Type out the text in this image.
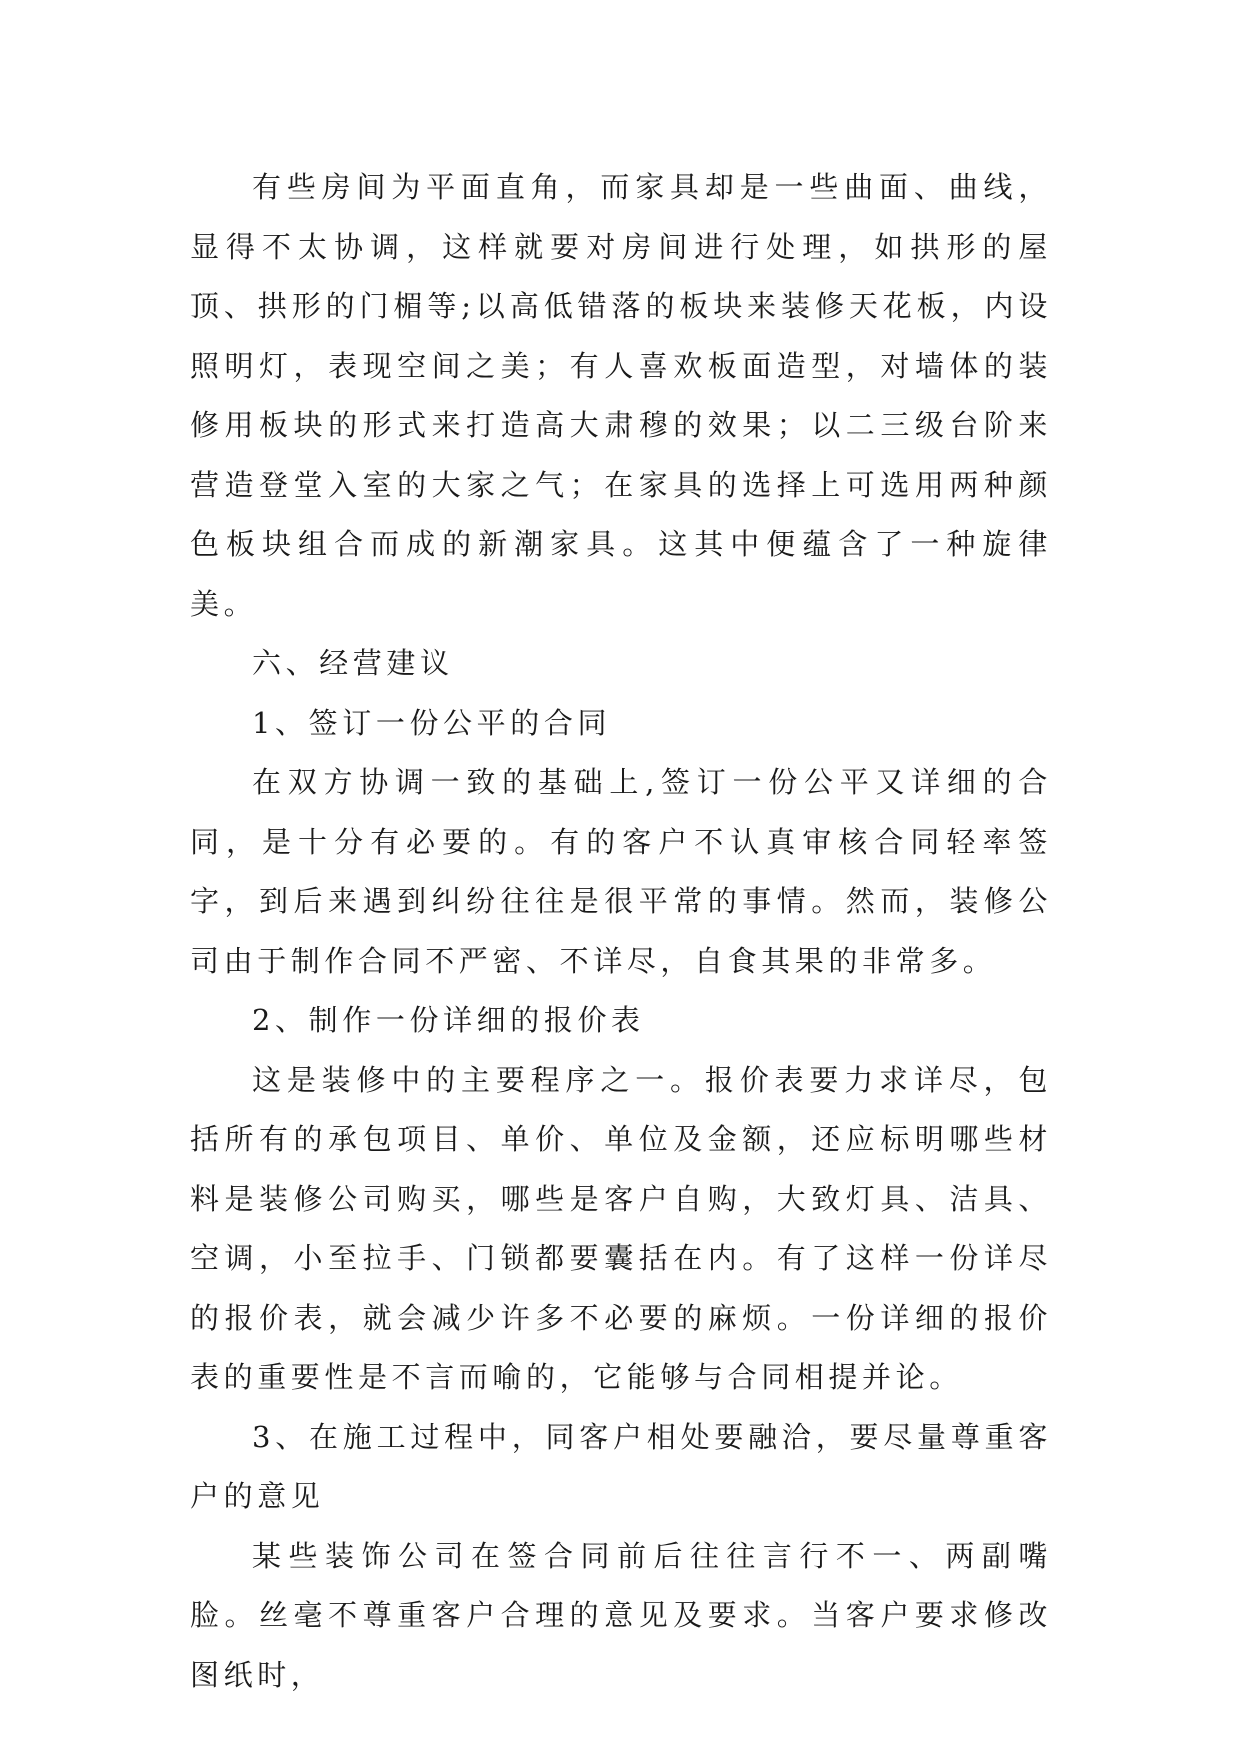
有些房间为平面直角，而家具却是一些曲面、曲线，显得不太协调，这样就要对房间进行处理，如拱形的屋顶、拱形的门楣等;以高低错落的板块来装修天花板，内设照明灯，表现空间之美；有人喜欢板面造型，对墙体的装修用板块的形式来打造高大肃穆的效果；以二三级台阶来营造登堂入室的大家之气；在家具的选择上可选用两种颜色板块组合而成的新潮家具。这其中便蕴含了一种旋律美。

六、经营建议

1、签订一份公平的合同

在双方协调一致的基础上,签订一份公平又详细的合同，是十分有必要的。有的客户不认真审核合同轻率签字，到后来遇到纠纷往往是很平常的事情。然而，装修公司由于制作合同不严密、不详尽，自食其果的非常多。

2、制作一份详细的报价表

这是装修中的主要程序之一。报价表要力求详尽，包括所有的承包项目、单价、单位及金额，还应标明哪些材料是装修公司购买，哪些是客户自购，大致灯具、洁具、空调，小至拉手、门锁都要囊括在内。有了这样一份详尽的报价表，就会减少许多不必要的麻烦。一份详细的报价表的重要性是不言而喻的，它能够与合同相提并论。

3、在施工过程中，同客户相处要融洽，要尽量尊重客户的意见

某些装饰公司在签合同前后往往言行不一、两副嘴脸。丝毫不尊重客户合理的意见及要求。当客户要求修改图纸时，
